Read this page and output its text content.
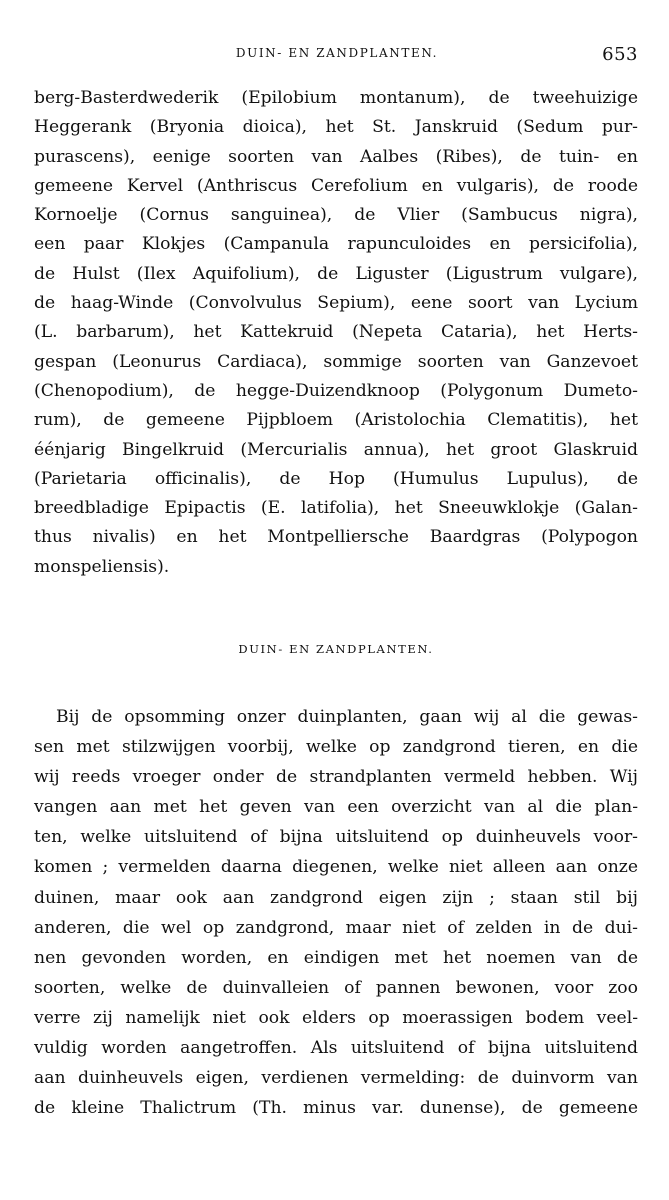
DUIN- EN ZANDPLANTEN.	653

berg-Basterdwederik (Epilobium montanum), de tweehuizige
Heggerank (Bryonia dioica), het St. Janskruid (Sedum pur-
purascens), eenige soorten van Aalbes (Ribes), de tuin- en
gemeene Kervel (Anthriscus Cerefolium en vulgaris), de roode
Kornoelje (Cornus sanguinea), de Vlier (Sambucus nigra),
een paar Klokjes (Campanula rapunculoides en persicifolia),
de Hulst (Ilex Aquifolium), de Liguster (Ligustrum vulgare),
de haag-Winde (Convolvulus Sepium), eene soort van Lycium
(L. barbarum), het Kattekruid (Nepeta Cataria), het Herts-
gespan (Leonurus Cardiaca), sommige soorten van Ganzevoet
(Chenopodium), de hegge-Duizendknoop (Polygonum Dumeto-
rum), de gemeene Pijpbloem (Aristolochia Clematitis), het
éénjarig Bingelkruid (Mercurialis annua), het groot Glaskruid
(Parietaria officinalis), de Hop (Humulus Lupulus), de
breedbladige Epipactis (E. latifolia), het Sneeuwklokje (Galan-
thus nivalis) en het Montpelliersche Baardgras (Polypogon
monspeliensis).

DUIN- EN ZANDPLANTEN.

Bij de opsomming onzer duinplanten, gaan wij al die gewas-
sen met stilzwijgen voorbij, welke op zandgrond tieren, en die
wij reeds vroeger onder de strandplanten vermeld hebben. Wij
vangen aan met het geven van een overzicht van al die plan-
ten, welke uitsluitend of bijna uitsluitend op duinheuvels voor-
komen ; vermelden daarna diegenen, welke niet alleen aan onze
duinen, maar ook aan zandgrond eigen zijn ; staan stil bij
anderen, die wel op zandgrond, maar niet of zelden in de dui-
nen gevonden worden, en eindigen met het noemen van de
soorten, welke de duinvalleien of pannen bewonen, voor zoo
verre zij namelijk niet ook elders op moerassigen bodem veel-
vuldig worden aangetroffen. Als uitsluitend of bijna uitsluitend
aan duinheuvels eigen, verdienen vermelding: de duinvorm van
de kleine Thalictrum (Th. minus var. dunense), de gemeene
